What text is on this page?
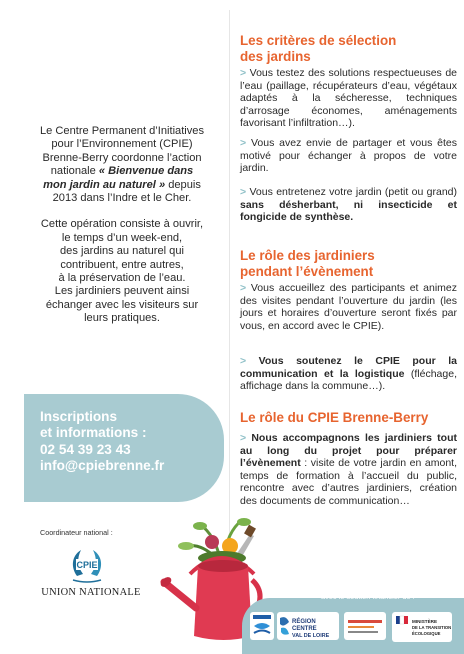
Le Centre Permanent d’Initiatives
pour l’Environnement (CPIE)
Brenne-Berry coordonne l’action
nationale « Bienvenue dans
mon jardin au naturel » depuis
2013 dans l’Indre et le Cher.

Cette opération consiste à ouvrir,
le temps d’un week-end,
des jardins au naturel qui
contribuent, entre autres,
à la préservation de l’eau.
Les jardiniers peuvent ainsi
échanger avec les visiteurs sur
leurs pratiques.

Inscriptions
et informations :
02 54 39 23 43
info@cpiebrenne.fr
Coordinateur national :
CPIE
UNION NATIONALE
Les critères de sélection
des jardins
> Vous testez des solutions respectueuses de l’eau (paillage, récupérateurs d’eau, végétaux adaptés à la sécheresse, techniques d’arrosage économes, aménagements favorisant l’infiltration…).
> Vous avez envie de partager et vous êtes motivé pour échanger à propos de votre jardin.
> Vous entretenez votre jardin (petit ou grand) sans désherbant, ni insecticide et fongicide de synthèse.
Le rôle des jardiniers
pendant l’évènement
> Vous accueillez des participants et animez des visites pendant l’ouverture du jardin (les jours et horaires d’ouverture seront fixés par vous, en accord avec le CPIE).
> Vous soutenez le CPIE pour la communication et la logistique (fléchage, affichage dans la commune…).
Le rôle du CPIE Brenne-Berry
> Nous accompagnons les jardiniers tout au long du projet pour préparer l’évènement : visite de votre jardin en amont, temps de formation à l’accueil du public, rencontre avec d’autres jardiniers, création des documents de communication…
avec le soutien financier de :
RÉGION
CENTRE
VAL DE LOIRE
MINISTÈRE
DE LA TRANSITION
ÉCOLOGIQUE
